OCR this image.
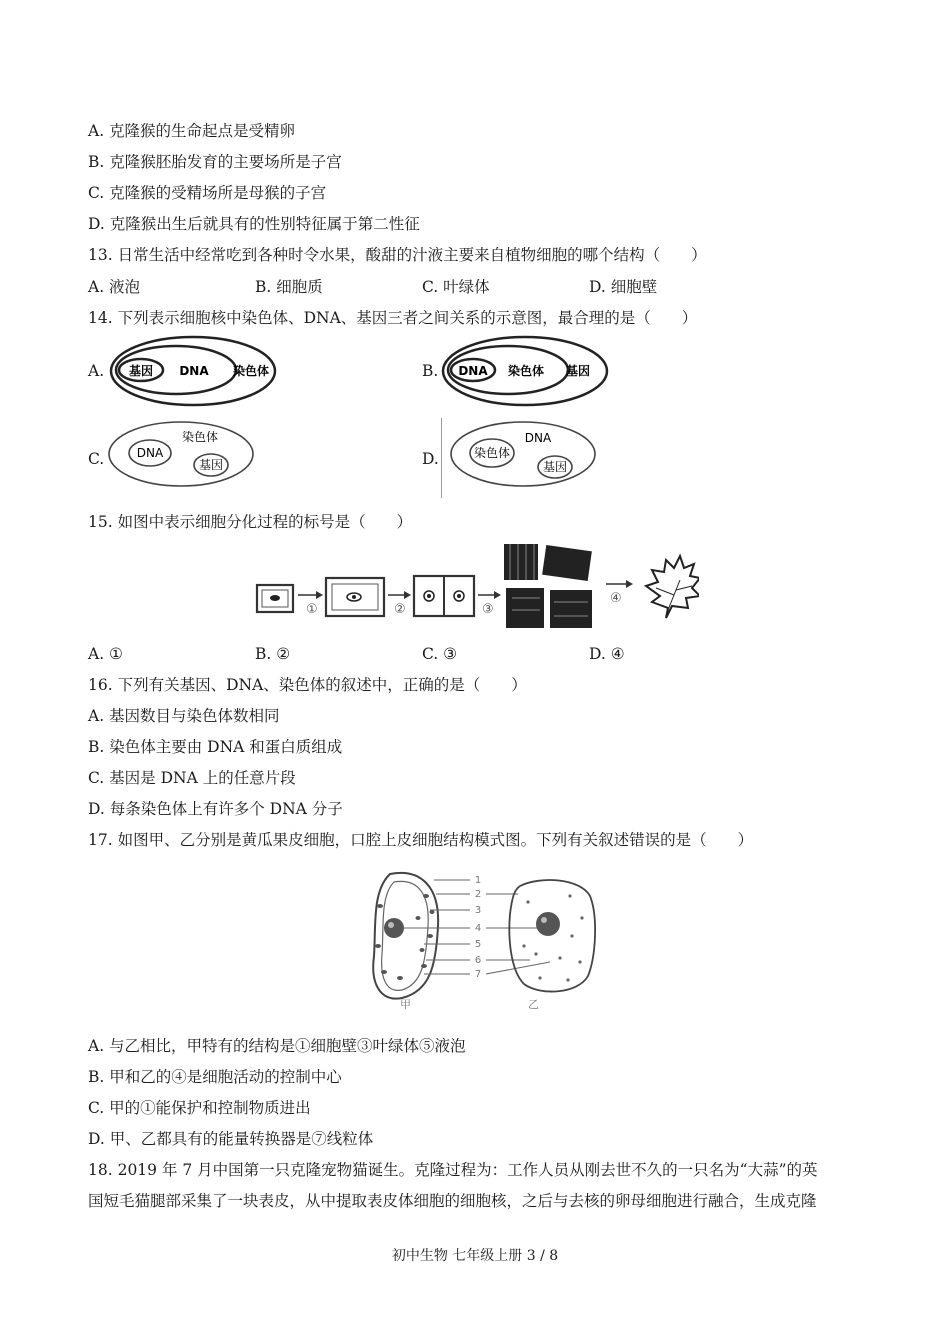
A. 克隆猴的生命起点是受精卵
B. 克隆猴胚胎发育的主要场所是子宫
C. 克隆猴的受精场所是母猴的子宫
D. 克隆猴出生后就具有的性别特征属于第二性征
13. 日常生活中经常吃到各种时令水果，酸甜的汁液主要来自植物细胞的哪个结构（　　）
A. 液泡	B. 细胞质	C. 叶绿体	D. 细胞壁
14. 下列表示细胞核中染色体、DNA、基因三者之间关系的示意图，最合理的是（　　）
A. 基因 DNA 染色体	B. DNA 染色体 基因
C.	DNA
染色体
基因	D.	染色体
DNA
基因
15. 如图中表示细胞分化过程的标号是（　　）
①	②	③
④
A. ①	B. ②	C. ③	D. ④
16. 下列有关基因、DNA、染色体的叙述中，正确的是（　　）
A. 基因数目与染色体数相同
B. 染色体主要由 DNA 和蛋白质组成
C. 基因是 DNA 上的任意片段
D. 每条染色体上有许多个 DNA 分子
17. 如图甲、乙分别是黄瓜果皮细胞，口腔上皮细胞结构模式图。下列有关叙述错误的是（　　）
甲
1
2
3
4
5
6
7
乙
A. 与乙相比，甲特有的结构是①细胞壁③叶绿体⑤液泡
B. 甲和乙的④是细胞活动的控制中心
C. 甲的①能保护和控制物质进出
D. 甲、乙都具有的能量转换器是⑦线粒体
18. 2019 年 7 月中国第一只克隆宠物猫诞生。克隆过程为：工作人员从刚去世不久的一只名为“大蒜”的英
国短毛猫腿部采集了一块表皮，从中提取表皮体细胞的细胞核，之后与去核的卵母细胞进行融合，生成克隆
初中生物 七年级上册 3 / 8
